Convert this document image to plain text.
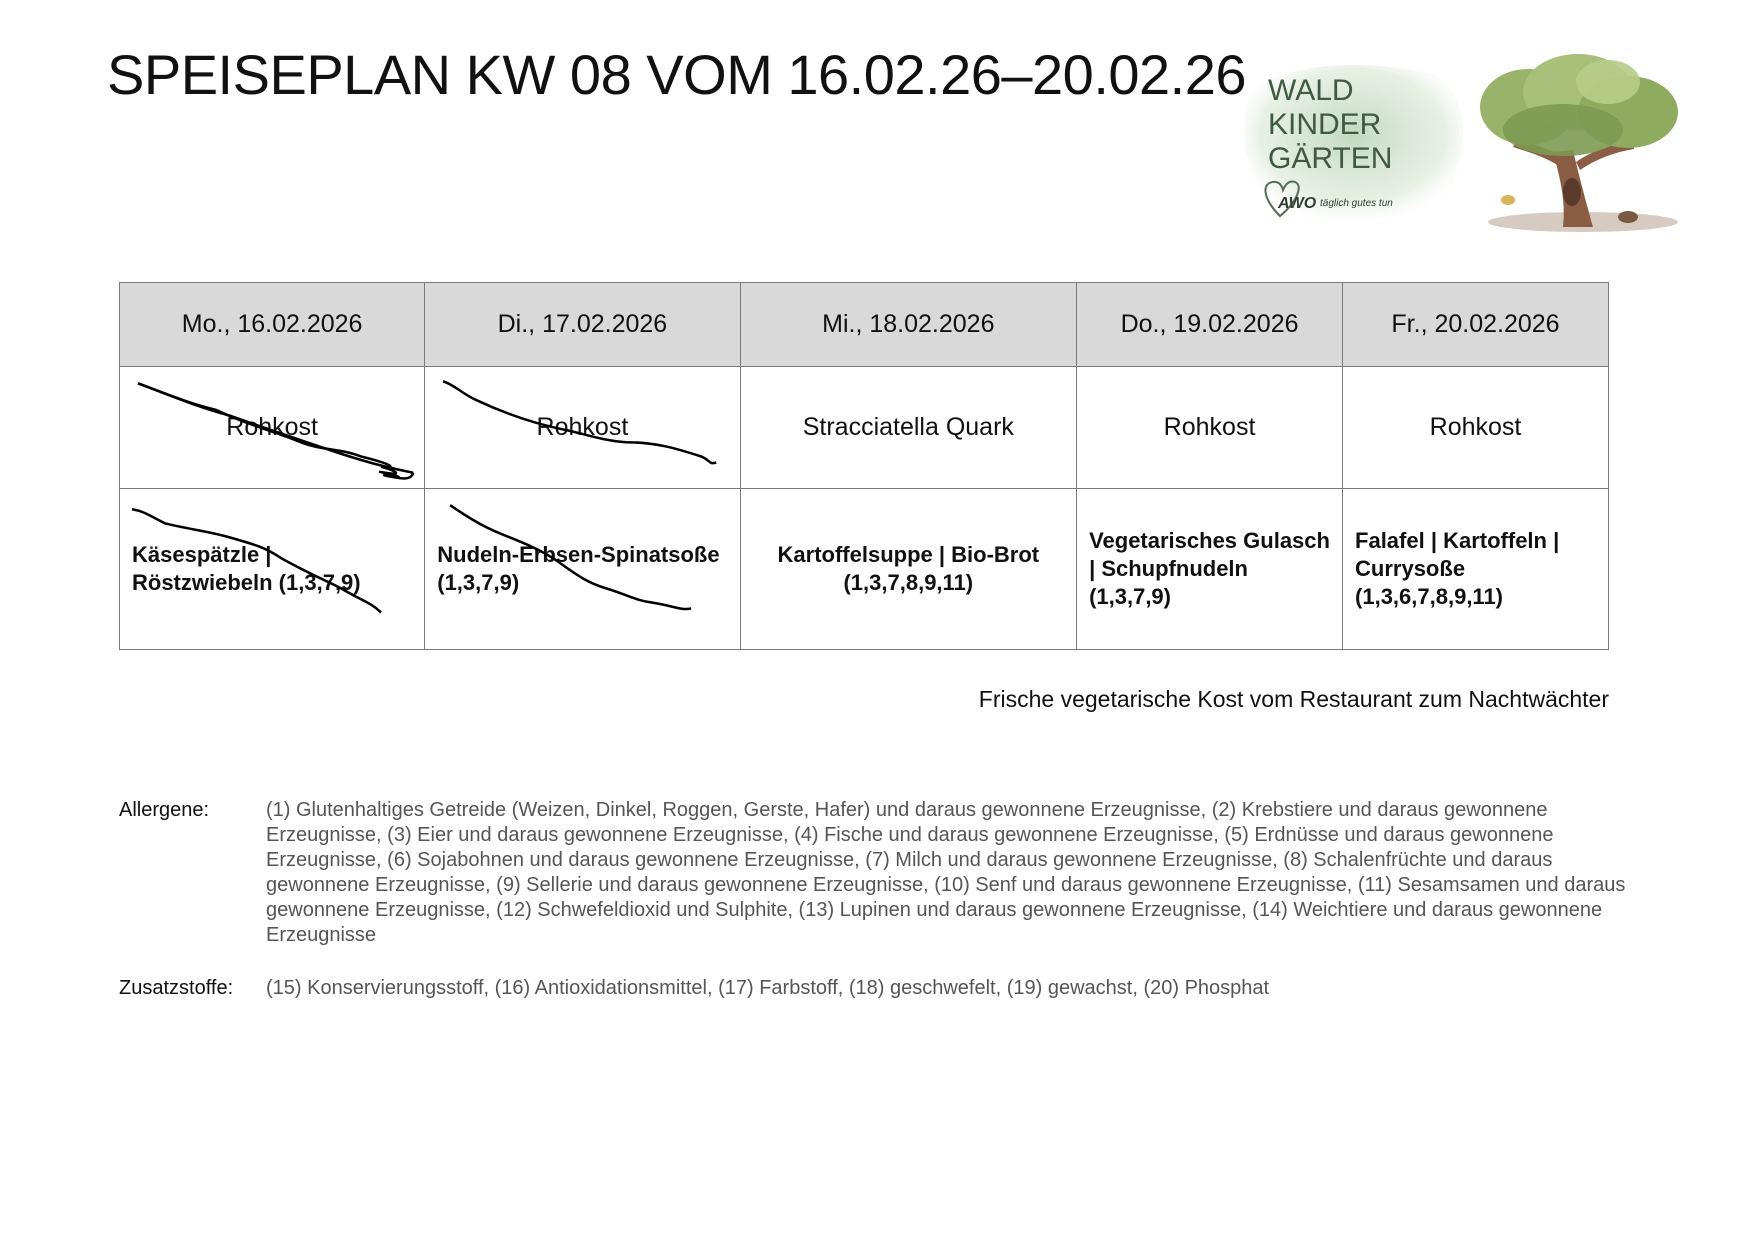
SPEISEPLAN KW 08 VOM 16.02.26–20.02.26 WALD
KINDER
GÄRTEN
AWO täglich gutes tun
Mo., 16.02.2026	Di., 17.02.2026	Mi., 18.02.2026	Do., 19.02.2026	Fr., 20.02.2026
Rohkost	Rohkost	Stracciatella Quark	Rohkost	Rohkost
Käsespätzle | Röstzwiebeln (1,3,7,9)	Nudeln-Erbsen-Spinatsoße (1,3,7,9)	Kartoffelsuppe | Bio-Brot (1,3,7,8,9,11)	Vegetarisches Gulasch | Schupfnudeln (1,3,7,9)	Falafel | Kartoffeln | Currysoße (1,3,6,7,8,9,11)
Frische vegetarische Kost vom Restaurant zum Nachtwächter
Allergene:	(1) Glutenhaltiges Getreide (Weizen, Dinkel, Roggen, Gerste, Hafer) und daraus gewonnene Erzeugnisse, (2) Krebstiere und daraus gewonnene Erzeugnisse, (3) Eier und daraus gewonnene Erzeugnisse, (4) Fische und daraus gewonnene Erzeugnisse, (5) Erdnüsse und daraus gewonnene Erzeugnisse, (6) Sojabohnen und daraus gewonnene Erzeugnisse, (7) Milch und daraus gewonnene Erzeugnisse, (8) Schalenfrüchte und daraus gewonnene Erzeugnisse, (9) Sellerie und daraus gewonnene Erzeugnisse, (10) Senf und daraus gewonnene Erzeugnisse, (11) Sesamsamen und daraus gewonnene Erzeugnisse, (12) Schwefeldioxid und Sulphite, (13) Lupinen und daraus gewonnene Erzeugnisse, (14) Weichtiere und daraus gewonnene Erzeugnisse
Zusatzstoffe:	(15) Konservierungsstoff, (16) Antioxidationsmittel, (17) Farbstoff, (18) geschwefelt, (19) gewachst, (20) Phosphat
